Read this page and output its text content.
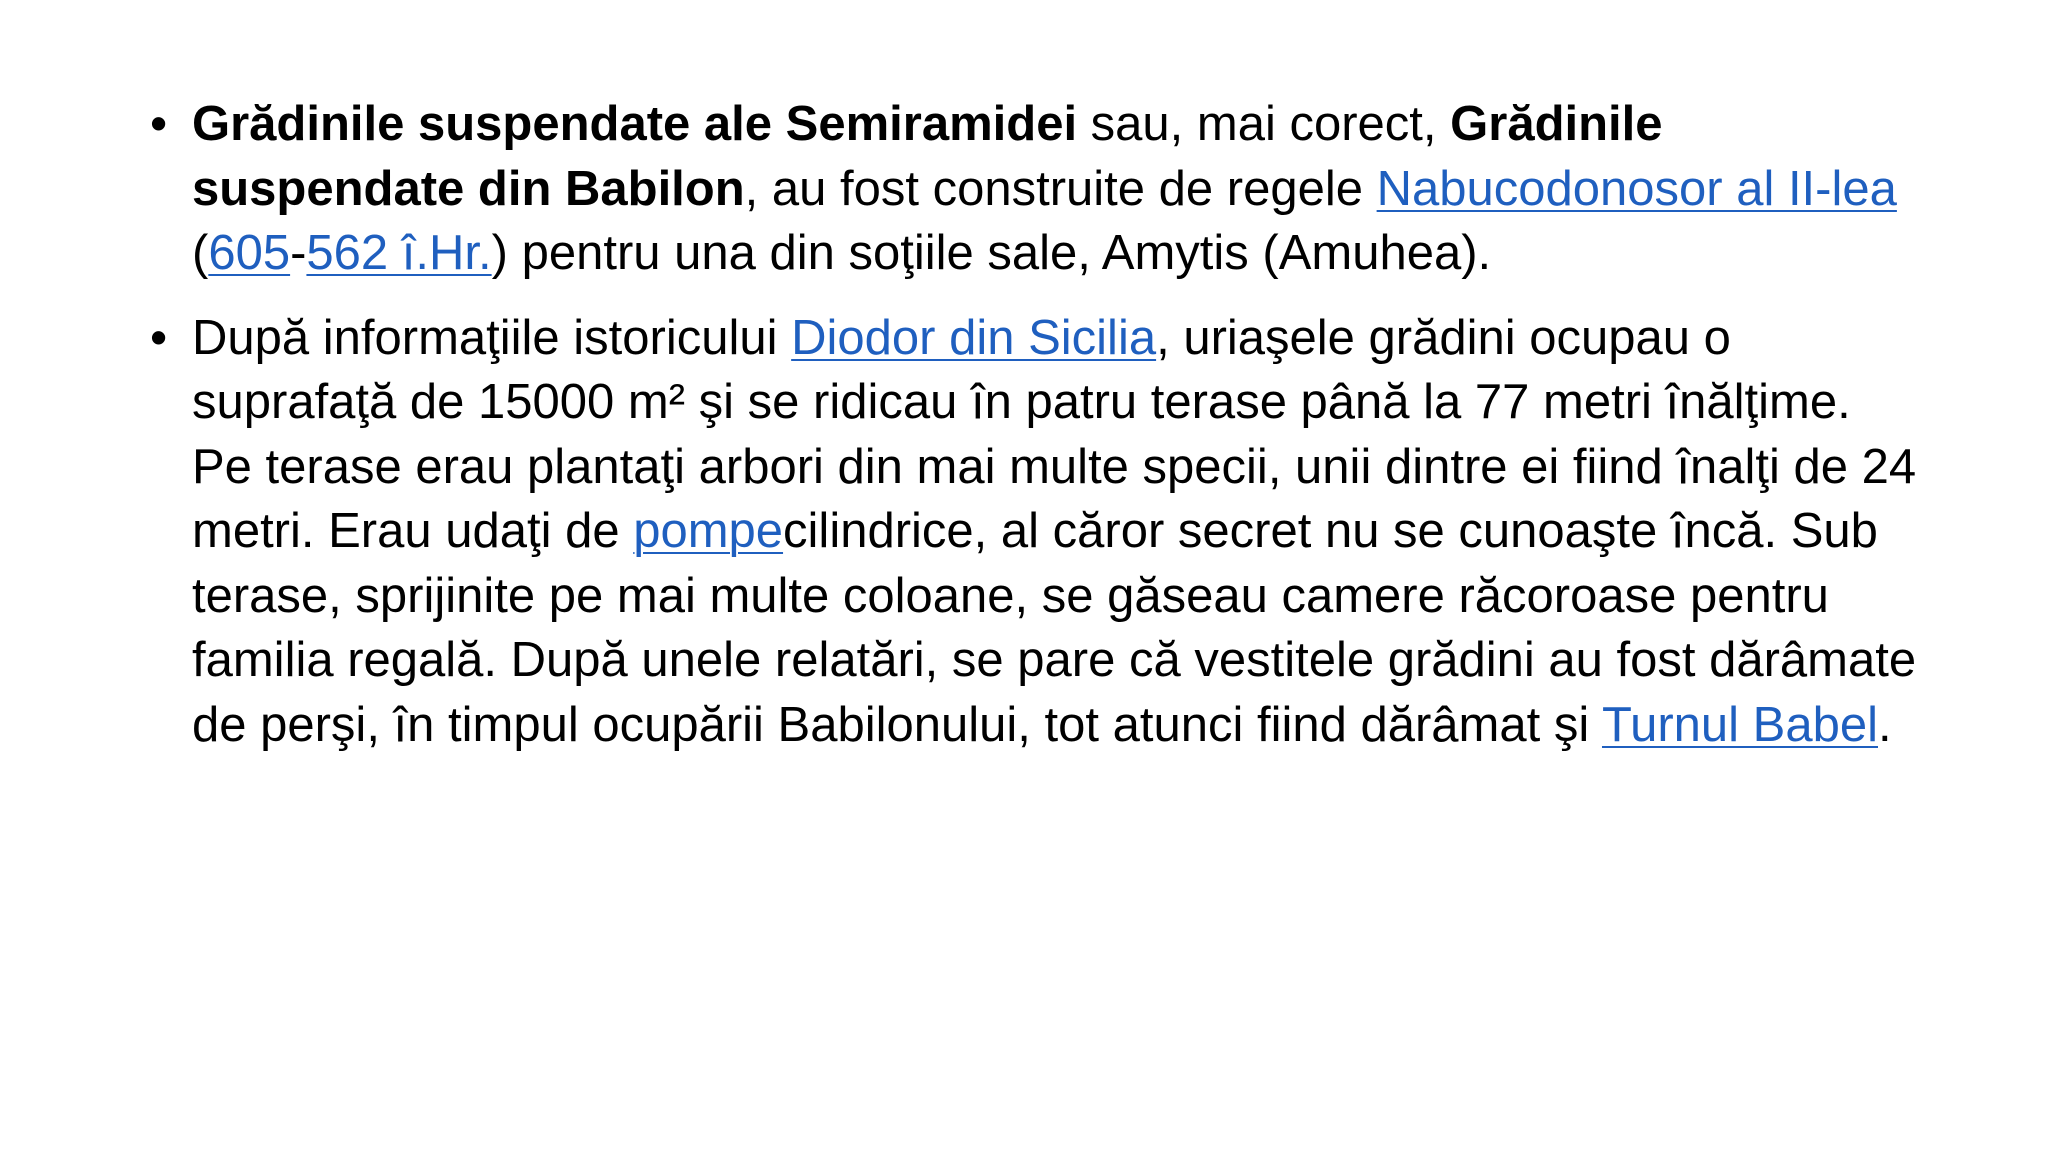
• Grădinile suspendate ale Semiramidei sau, mai corect, Grădinile suspendate din Babilon, au fost construite de regele Nabucodonosor al II-lea (605-562 î.Hr.) pentru una din soţiile sale, Amytis (Amuhea).
• După informaţiile istoricului Diodor din Sicilia, uriaşele grădini ocupau o suprafaţă de 15000 m² şi se ridicau în patru terase până la 77 metri înălţime. Pe terase erau plantaţi arbori din mai multe specii, unii dintre ei fiind înalţi de 24 metri. Erau udaţi de pompecilindrice, al căror secret nu se cunoaşte încă. Sub terase, sprijinite pe mai multe coloane, se găseau camere răcoroase pentru familia regală. După unele relatări, se pare că vestitele grădini au fost dărâmate de perşi, în timpul ocupării Babilonului, tot atunci fiind dărâmat şi Turnul Babel.
